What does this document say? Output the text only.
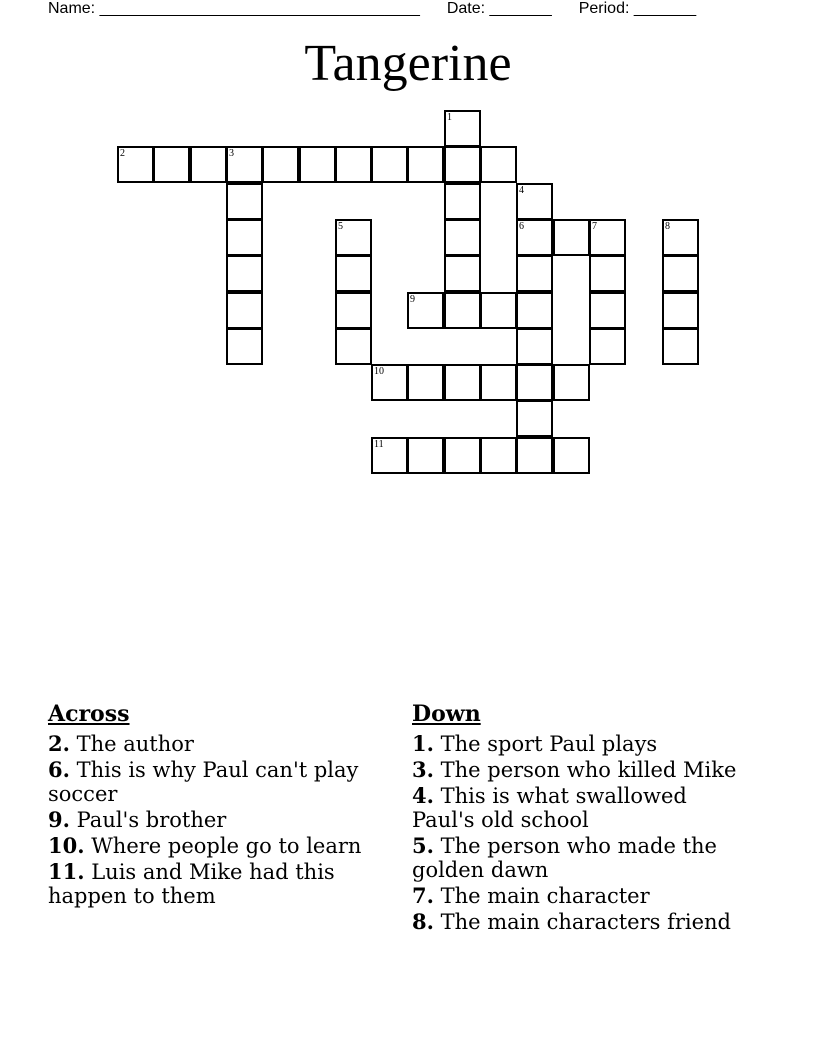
Name: ____________________________________ Date: _______ Period: _______
Tangerine
1
2	3
4
6
5	7	8
9
10
11
Across
2. The author
6. This is why Paul can't play soccer
9. Paul's brother
10. Where people go to learn
11. Luis and Mike had this happen to them
Down
1. The sport Paul plays
3. The person who killed Mike
4. This is what swallowed Paul's old school
5. The person who made the golden dawn
7. The main character
8. The main characters friend
